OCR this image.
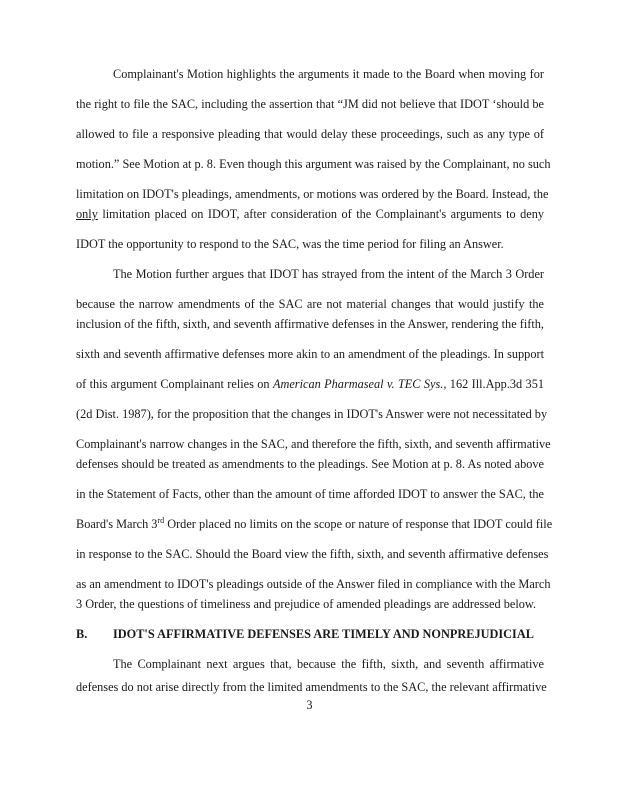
Complainant's Motion highlights the arguments it made to the Board when moving for
the right to file the SAC, including the assertion that “JM did not believe that IDOT ‘should be
allowed to file a responsive pleading that would delay these proceedings, such as any type of
motion.” See Motion at p. 8. Even though this argument was raised by the Complainant, no such
limitation on IDOT's pleadings, amendments, or motions was ordered by the Board. Instead, the
only limitation placed on IDOT, after consideration of the Complainant's arguments to deny
IDOT the opportunity to respond to the SAC, was the time period for filing an Answer.
The Motion further argues that IDOT has strayed from the intent of the March 3 Order
because the narrow amendments of the SAC are not material changes that would justify the
inclusion of the fifth, sixth, and seventh affirmative defenses in the Answer, rendering the fifth,
sixth and seventh affirmative defenses more akin to an amendment of the pleadings. In support
of this argument Complainant relies on American Pharmaseal v. TEC Sys., 162 Ill.App.3d 351
(2d Dist. 1987), for the proposition that the changes in IDOT's Answer were not necessitated by
Complainant's narrow changes in the SAC, and therefore the fifth, sixth, and seventh affirmative
defenses should be treated as amendments to the pleadings. See Motion at p. 8. As noted above
in the Statement of Facts, other than the amount of time afforded IDOT to answer the SAC, the
Board's March 3rd Order placed no limits on the scope or nature of response that IDOT could file
in response to the SAC. Should the Board view the fifth, sixth, and seventh affirmative defenses
as an amendment to IDOT's pleadings outside of the Answer filed in compliance with the March
3 Order, the questions of timeliness and prejudice of amended pleadings are addressed below.
B. IDOT'S AFFIRMATIVE DEFENSES ARE TIMELY AND NONPREJUDICIAL
The Complainant next argues that, because the fifth, sixth, and seventh affirmative
defenses do not arise directly from the limited amendments to the SAC, the relevant affirmative
3
